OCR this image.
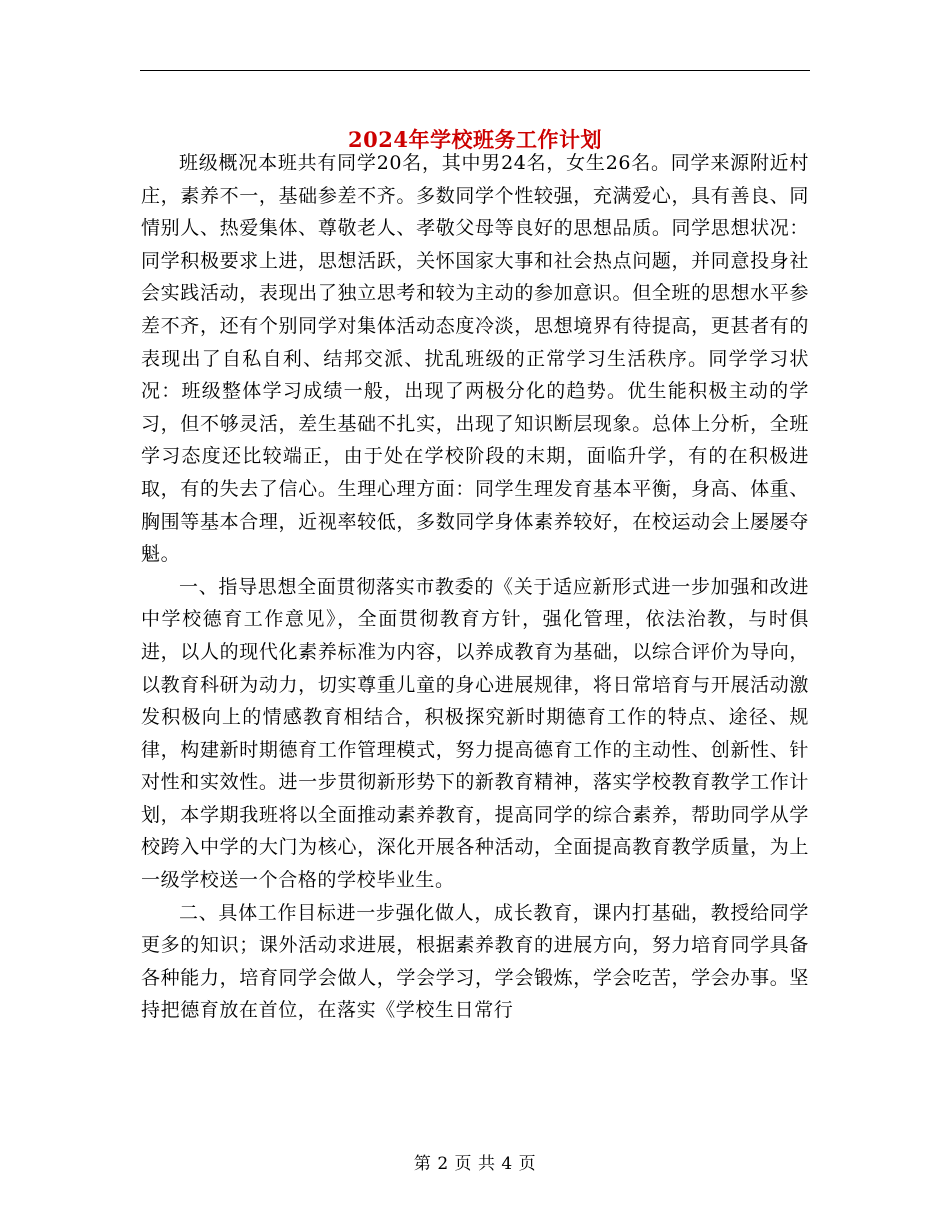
2024年学校班务工作计划

班级概况本班共有同学20名，其中男24名，女生26名。同学来源附近村庄，素养不一，基础参差不齐。多数同学个性较强，充满爱心，具有善良、同情别人、热爱集体、尊敬老人、孝敬父母等良好的思想品质。同学思想状况：同学积极要求上进，思想活跃，关怀国家大事和社会热点问题，并同意投身社会实践活动，表现出了独立思考和较为主动的参加意识。但全班的思想水平参差不齐，还有个别同学对集体活动态度冷淡，思想境界有待提高，更甚者有的表现出了自私自利、结邦交派、扰乱班级的正常学习生活秩序。同学学习状况：班级整体学习成绩一般，出现了两极分化的趋势。优生能积极主动的学习，但不够灵活，差生基础不扎实，出现了知识断层现象。总体上分析，全班学习态度还比较端正，由于处在学校阶段的末期，面临升学，有的在积极进取，有的失去了信心。生理心理方面：同学生理发育基本平衡，身高、体重、胸围等基本合理，近视率较低，多数同学身体素养较好，在校运动会上屡屡夺魁。

一、指导思想全面贯彻落实市教委的《关于适应新形式进一步加强和改进中学校德育工作意见》，全面贯彻教育方针，强化管理，依法治教，与时俱进，以人的现代化素养标准为内容，以养成教育为基础，以综合评价为导向，以教育科研为动力，切实尊重儿童的身心进展规律，将日常培育与开展活动激发积极向上的情感教育相结合，积极探究新时期德育工作的特点、途径、规律，构建新时期德育工作管理模式，努力提高德育工作的主动性、创新性、针对性和实效性。进一步贯彻新形势下的新教育精神，落实学校教育教学工作计划，本学期我班将以全面推动素养教育，提高同学的综合素养，帮助同学从学校跨入中学的大门为核心，深化开展各种活动，全面提高教育教学质量，为上一级学校送一个合格的学校毕业生。

二、具体工作目标进一步强化做人，成长教育，课内打基础，教授给同学更多的知识；课外活动求进展，根据素养教育的进展方向，努力培育同学具备各种能力，培育同学会做人，学会学习，学会锻炼，学会吃苦，学会办事。坚持把德育放在首位，在落实《学校生日常行

第 2 页 共 4 页
